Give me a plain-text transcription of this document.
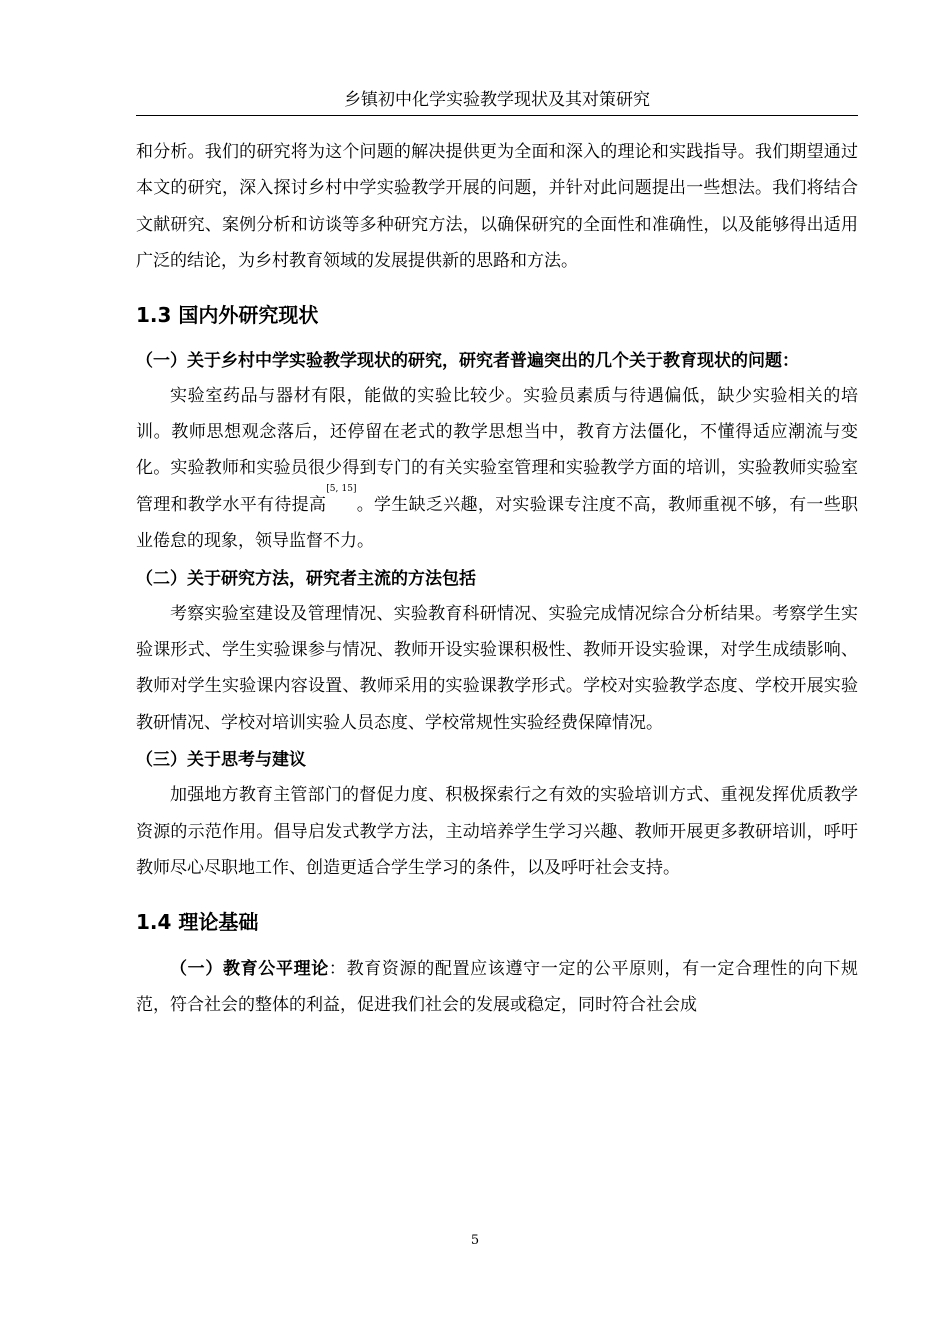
乡镇初中化学实验教学现状及其对策研究

和分析。我们的研究将为这个问题的解决提供更为全面和深入的理论和实践指导。我们期望通过本文的研究，深入探讨乡村中学实验教学开展的问题，并针对此问题提出一些想法。我们将结合文献研究、案例分析和访谈等多种研究方法，以确保研究的全面性和准确性，以及能够得出适用广泛的结论，为乡村教育领域的发展提供新的思路和方法。

1.3 国内外研究现状
（一）关于乡村中学实验教学现状的研究，研究者普遍突出的几个关于教育现状的问题：

实验室药品与器材有限，能做的实验比较少。实验员素质与待遇偏低，缺少实验相关的培训。教师思想观念落后，还停留在老式的教学思想当中，教育方法僵化，不懂得适应潮流与变化。实验教师和实验员很少得到专门的有关实验室管理和实验教学方面的培训，实验教师实验室管理和教学水平有待提高[5, 15]。学生缺乏兴趣，对实验课专注度不高，教师重视不够，有一些职业倦怠的现象，领导监督不力。

（二）关于研究方法，研究者主流的方法包括

考察实验室建设及管理情况、实验教育科研情况、实验完成情况综合分析结果。考察学生实验课形式、学生实验课参与情况、教师开设实验课积极性、教师开设实验课，对学生成绩影响、教师对学生实验课内容设置、教师采用的实验课教学形式。学校对实验教学态度、学校开展实验教研情况、学校对培训实验人员态度、学校常规性实验经费保障情况。

（三）关于思考与建议

加强地方教育主管部门的督促力度、积极探索行之有效的实验培训方式、重视发挥优质教学资源的示范作用。倡导启发式教学方法，主动培养学生学习兴趣、教师开展更多教研培训，呼吁教师尽心尽职地工作、创造更适合学生学习的条件，以及呼吁社会支持。

1.4 理论基础

（一）教育公平理论：教育资源的配置应该遵守一定的公平原则，有一定合理性的向下规范，符合社会的整体的利益，促进我们社会的发展或稳定，同时符合社会成

5
